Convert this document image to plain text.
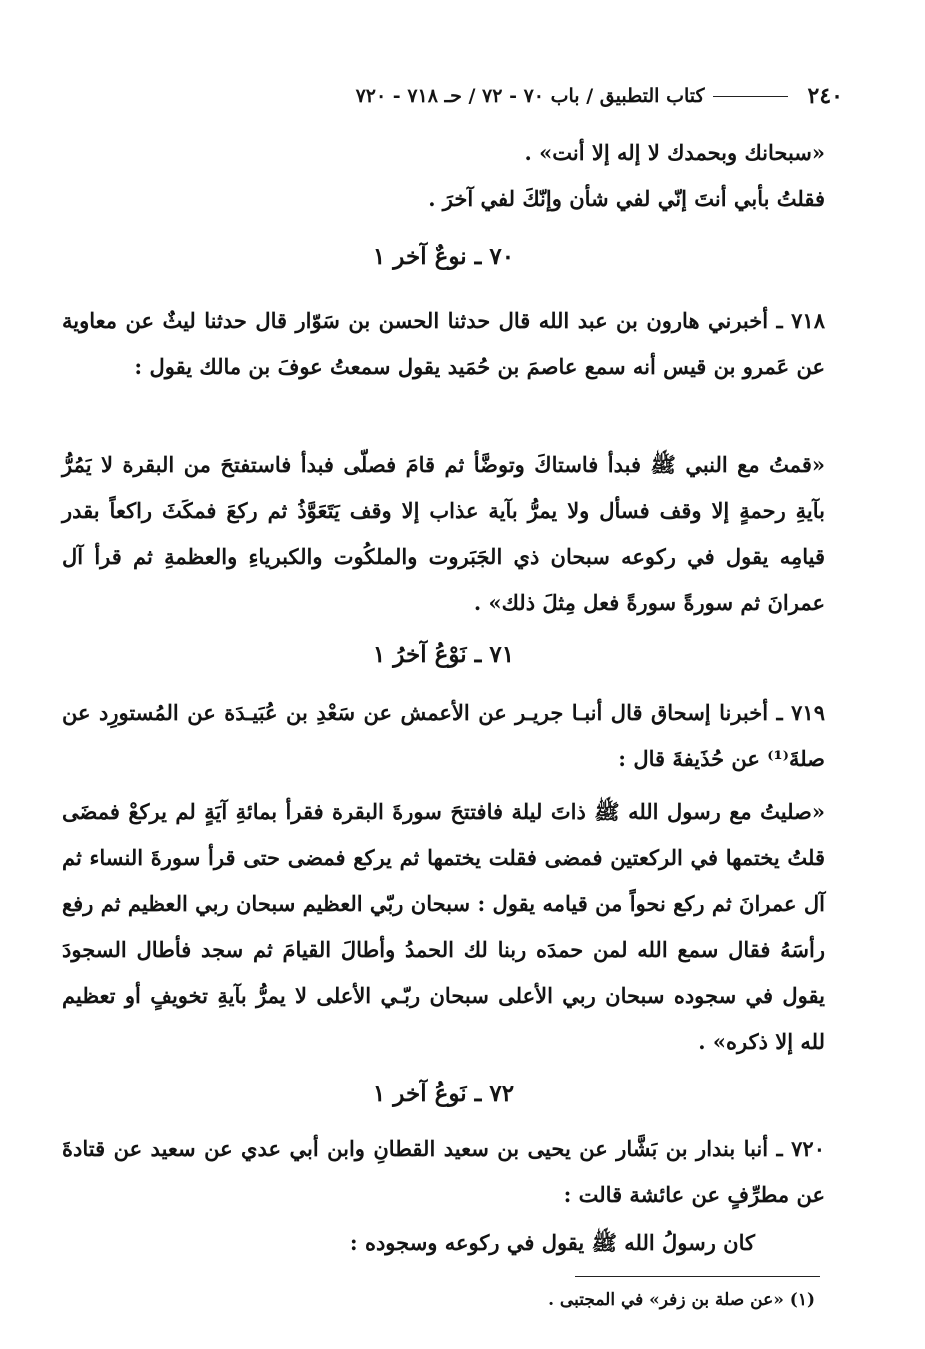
٢٤٠
كتاب التطبيق / باب ٧٠ - ٧٢ / حـ ٧١٨ - ٧٢٠
«سبحانك وبحمدك لا إله إلا أنت» .
فقلتُ بأبي أنتَ إنّي لفي شأن وإنّكَ لفي آخرَ .
٧٠ ـ نوعٌ آخر ١
٧١٨ ـ أخبرني هارون بن عبد الله قال حدثنا الحسن بن سَوّار قال حدثنا ليثٌ عن معاوية عن عَمرو بن قيس أنه سمع عاصمَ بن حُمَيد يقول سمعتُ عوفَ بن مالك يقول :
«قمتُ مع النبي ﷺ فبدأ فاستاكَ وتوضَّأ ثم قامَ فصلّى فبدأ فاستفتحَ من البقرة لا يَمُرُّ بآيةِ رحمةٍ إلا وقف فسأل ولا يمرُّ بآية عذاب إلا وقف يَتَعَوَّذُ ثم ركعَ فمكَثَ راكعاً بقدر قيامِه يقول في ركوعه سبحان ذي الجَبَروت والملكُوت والكبرياءِ والعظمةِ ثم قرأ آل عمرانَ ثم سورةً سورةً فعل مِثلَ ذلك» .
٧١ ـ نَوْعُ آخرُ ١
٧١٩ ـ أخبرنا إسحاق قال أنبـا جريـر عن الأعمش عن سَعْدِ بن عُبَيـدَة عن المُستورِد عن صلةَ⁽¹⁾ عن حُذَيفةَ قال :
«صليتُ مع رسول الله ﷺ ذاتَ ليلة فافتتحَ سورةَ البقرة فقرأ بمائةِ آيَةٍ لم يركعْ فمضَى قلتُ يختمها في الركعتين فمضى فقلت يختمها ثم يركع فمضى حتى قرأ سورةَ النساء ثم آل عمرانَ ثم ركع نحواً من قيامه يقول : سبحان ربّي العظيم سبحان ربي العظيم ثم رفع رأسَهُ فقال سمع الله لمن حمدَه ربنا لك الحمدُ وأطالَ القيامَ ثم سجد فأطال السجودَ يقول في سجوده سبحان ربي الأعلى سبحان ربّـي الأعلى لا يمرُّ بآيةِ تخويفٍ أو تعظيم لله إلا ذكره» .
٧٢ ـ نَوعُ آخر ١
٧٢٠ ـ أنبا بندار بن بَشَّار عن يحيى بن سعيد القطانِ وابن أبي عدي عن سعيد عن قتادةَ عن مطرِّفٍ عن عائشة قالت :
كان رسولُ الله ﷺ يقول في ركوعه وسجوده :
(١) «عن صلة بن زفر» في المجتبى .
